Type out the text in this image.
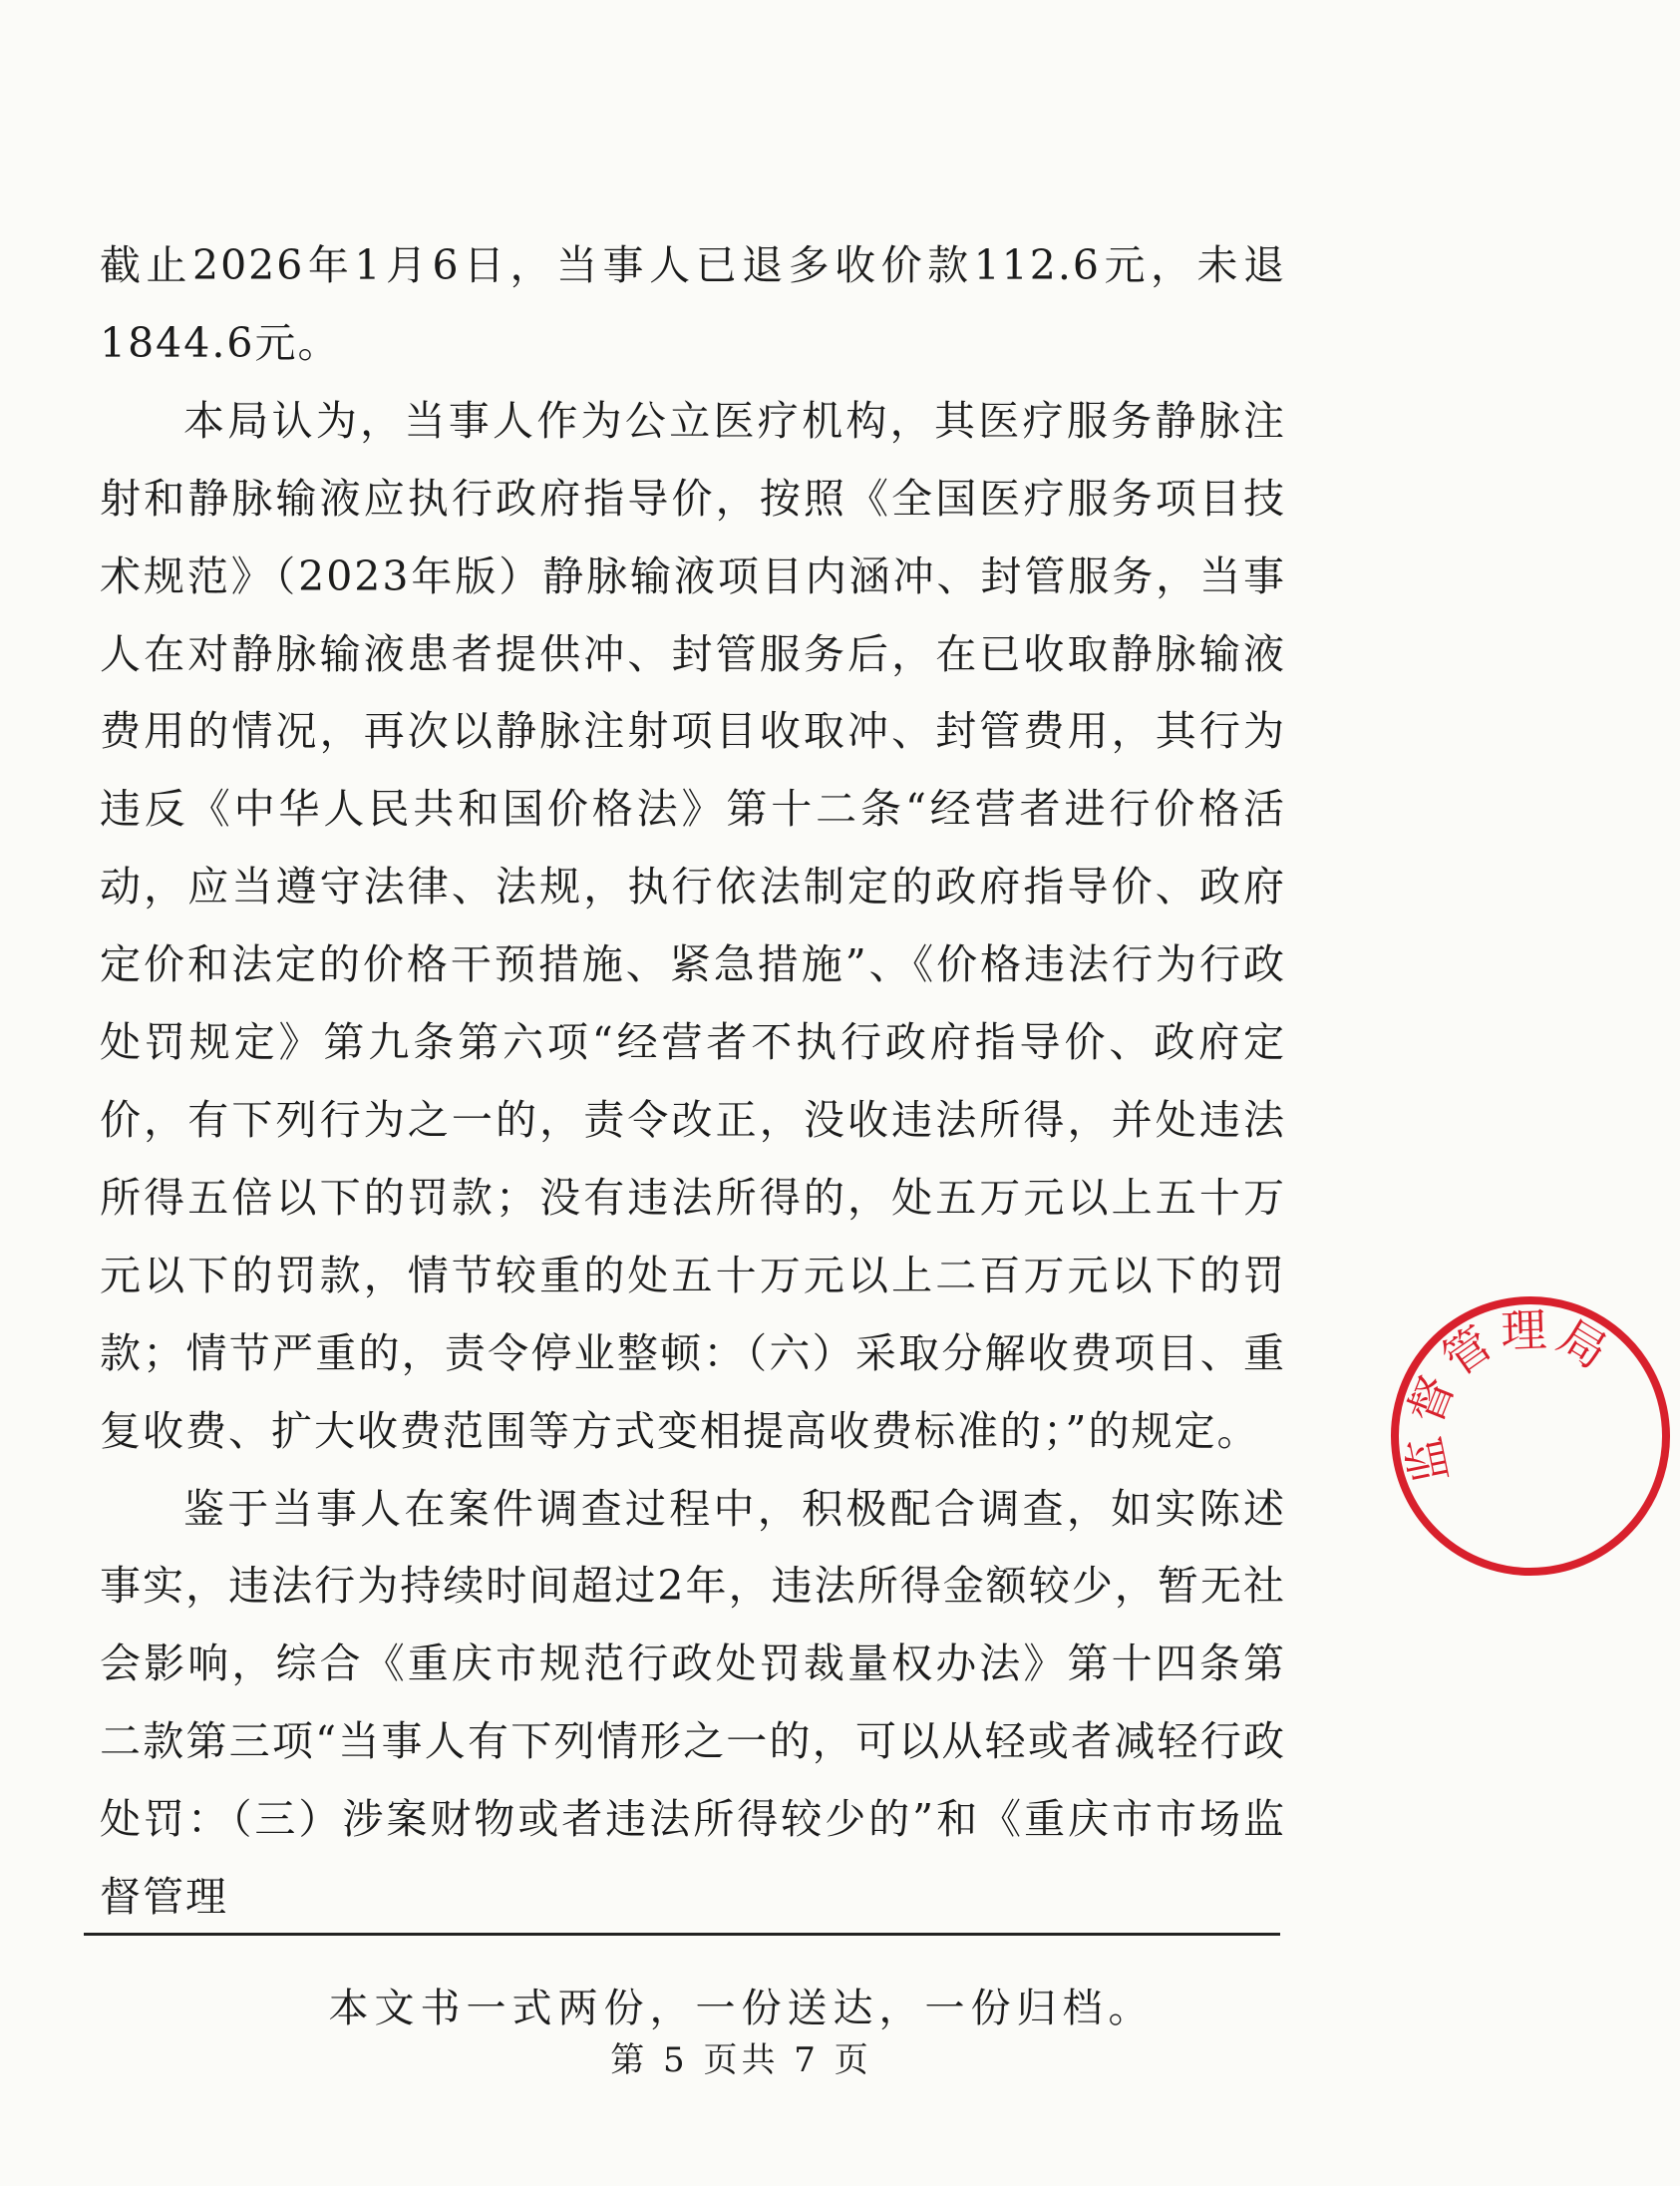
截止2026年1月6日，当事人已退多收价款112.6元，未退1844.6元。

本局认为，当事人作为公立医疗机构，其医疗服务静脉注射和静脉输液应执行政府指导价，按照《全国医疗服务项目技术规范》（2023年版）静脉输液项目内涵冲、封管服务，当事人在对静脉输液患者提供冲、封管服务后，在已收取静脉输液费用的情况，再次以静脉注射项目收取冲、封管费用，其行为违反《中华人民共和国价格法》第十二条“经营者进行价格活动，应当遵守法律、法规，执行依法制定的政府指导价、政府定价和法定的价格干预措施、紧急措施”、《价格违法行为行政处罚规定》第九条第六项“经营者不执行政府指导价、政府定价，有下列行为之一的，责令改正，没收违法所得，并处违法所得五倍以下的罚款；没有违法所得的，处五万元以上五十万元以下的罚款，情节较重的处五十万元以上二百万元以下的罚款；情节严重的，责令停业整顿：（六）采取分解收费项目、重复收费、扩大收费范围等方式变相提高收费标准的；”的规定。

鉴于当事人在案件调查过程中，积极配合调查，如实陈述事实，违法行为持续时间超过2年，违法所得金额较少，暂无社会影响，综合《重庆市规范行政处罚裁量权办法》第十四条第二款第三项“当事人有下列情形之一的，可以从轻或者减轻行政处罚：（三）涉案财物或者违法所得较少的”和《重庆市市场监督管理

监督管理局
本文书一式两份，一份送达，一份归档。
第 5 页共 7 页
